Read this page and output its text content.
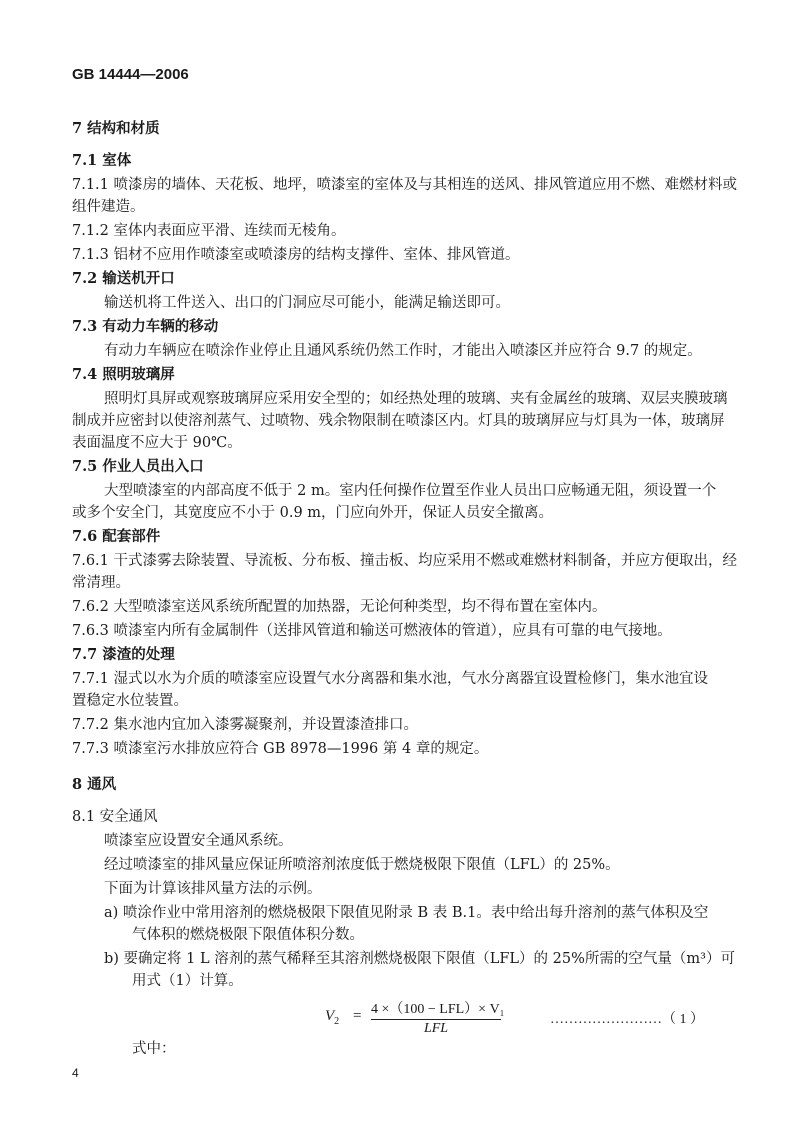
GB 14444—2006
7 结构和材质
7.1 室体
7.1.1 喷漆房的墙体、天花板、地坪，喷漆室的室体及与其相连的送风、排风管道应用不燃、难燃材料或
组件建造。
7.1.2 室体内表面应平滑、连续而无棱角。
7.1.3 铝材不应用作喷漆室或喷漆房的结构支撑件、室体、排风管道。
7.2 输送机开口
输送机将工件送入、出口的门洞应尽可能小，能满足输送即可。
7.3 有动力车辆的移动
有动力车辆应在喷涂作业停止且通风系统仍然工作时，才能出入喷漆区并应符合 9.7 的规定。
7.4 照明玻璃屏
照明灯具屏或观察玻璃屏应采用安全型的；如经热处理的玻璃、夹有金属丝的玻璃、双层夹膜玻璃
制成并应密封以使溶剂蒸气、过喷物、残余物限制在喷漆区内。灯具的玻璃屏应与灯具为一体，玻璃屏
表面温度不应大于 90℃。
7.5 作业人员出入口
大型喷漆室的内部高度不低于 2 m。室内任何操作位置至作业人员出口应畅通无阻，须设置一个
或多个安全门，其宽度应不小于 0.9 m，门应向外开，保证人员安全撤离。
7.6 配套部件
7.6.1 干式漆雾去除装置、导流板、分布板、撞击板、均应采用不燃或难燃材料制备，并应方便取出，经
常清理。
7.6.2 大型喷漆室送风系统所配置的加热器，无论何种类型，均不得布置在室体内。
7.6.3 喷漆室内所有金属制件（送排风管道和输送可燃液体的管道），应具有可靠的电气接地。
7.7 漆渣的处理
7.7.1 湿式以水为介质的喷漆室应设置气水分离器和集水池，气水分离器宜设置检修门，集水池宜设
置稳定水位装置。
7.7.2 集水池内宜加入漆雾凝聚剂，并设置漆渣排口。
7.7.3 喷漆室污水排放应符合 GB 8978—1996 第 4 章的规定。
8 通风
8.1 安全通风
喷漆室应设置安全通风系统。
经过喷漆室的排风量应保证所喷溶剂浓度低于燃烧极限下限值（LFL）的 25%。
下面为计算该排风量方法的示例。
a) 喷涂作业中常用溶剂的燃烧极限下限值见附录 B 表 B.1。表中给出每升溶剂的蒸气体积及空
气体积的燃烧极限下限值体积分数。
b) 要确定将 1 L 溶剂的蒸气稀释至其溶剂燃烧极限下限值（LFL）的 25%所需的空气量（m³）可
用式（1）计算。
$V_2 = 4 \times(100 - LFL)\times V_1$
LFL
……………………（ 1 ）
式中：
4
